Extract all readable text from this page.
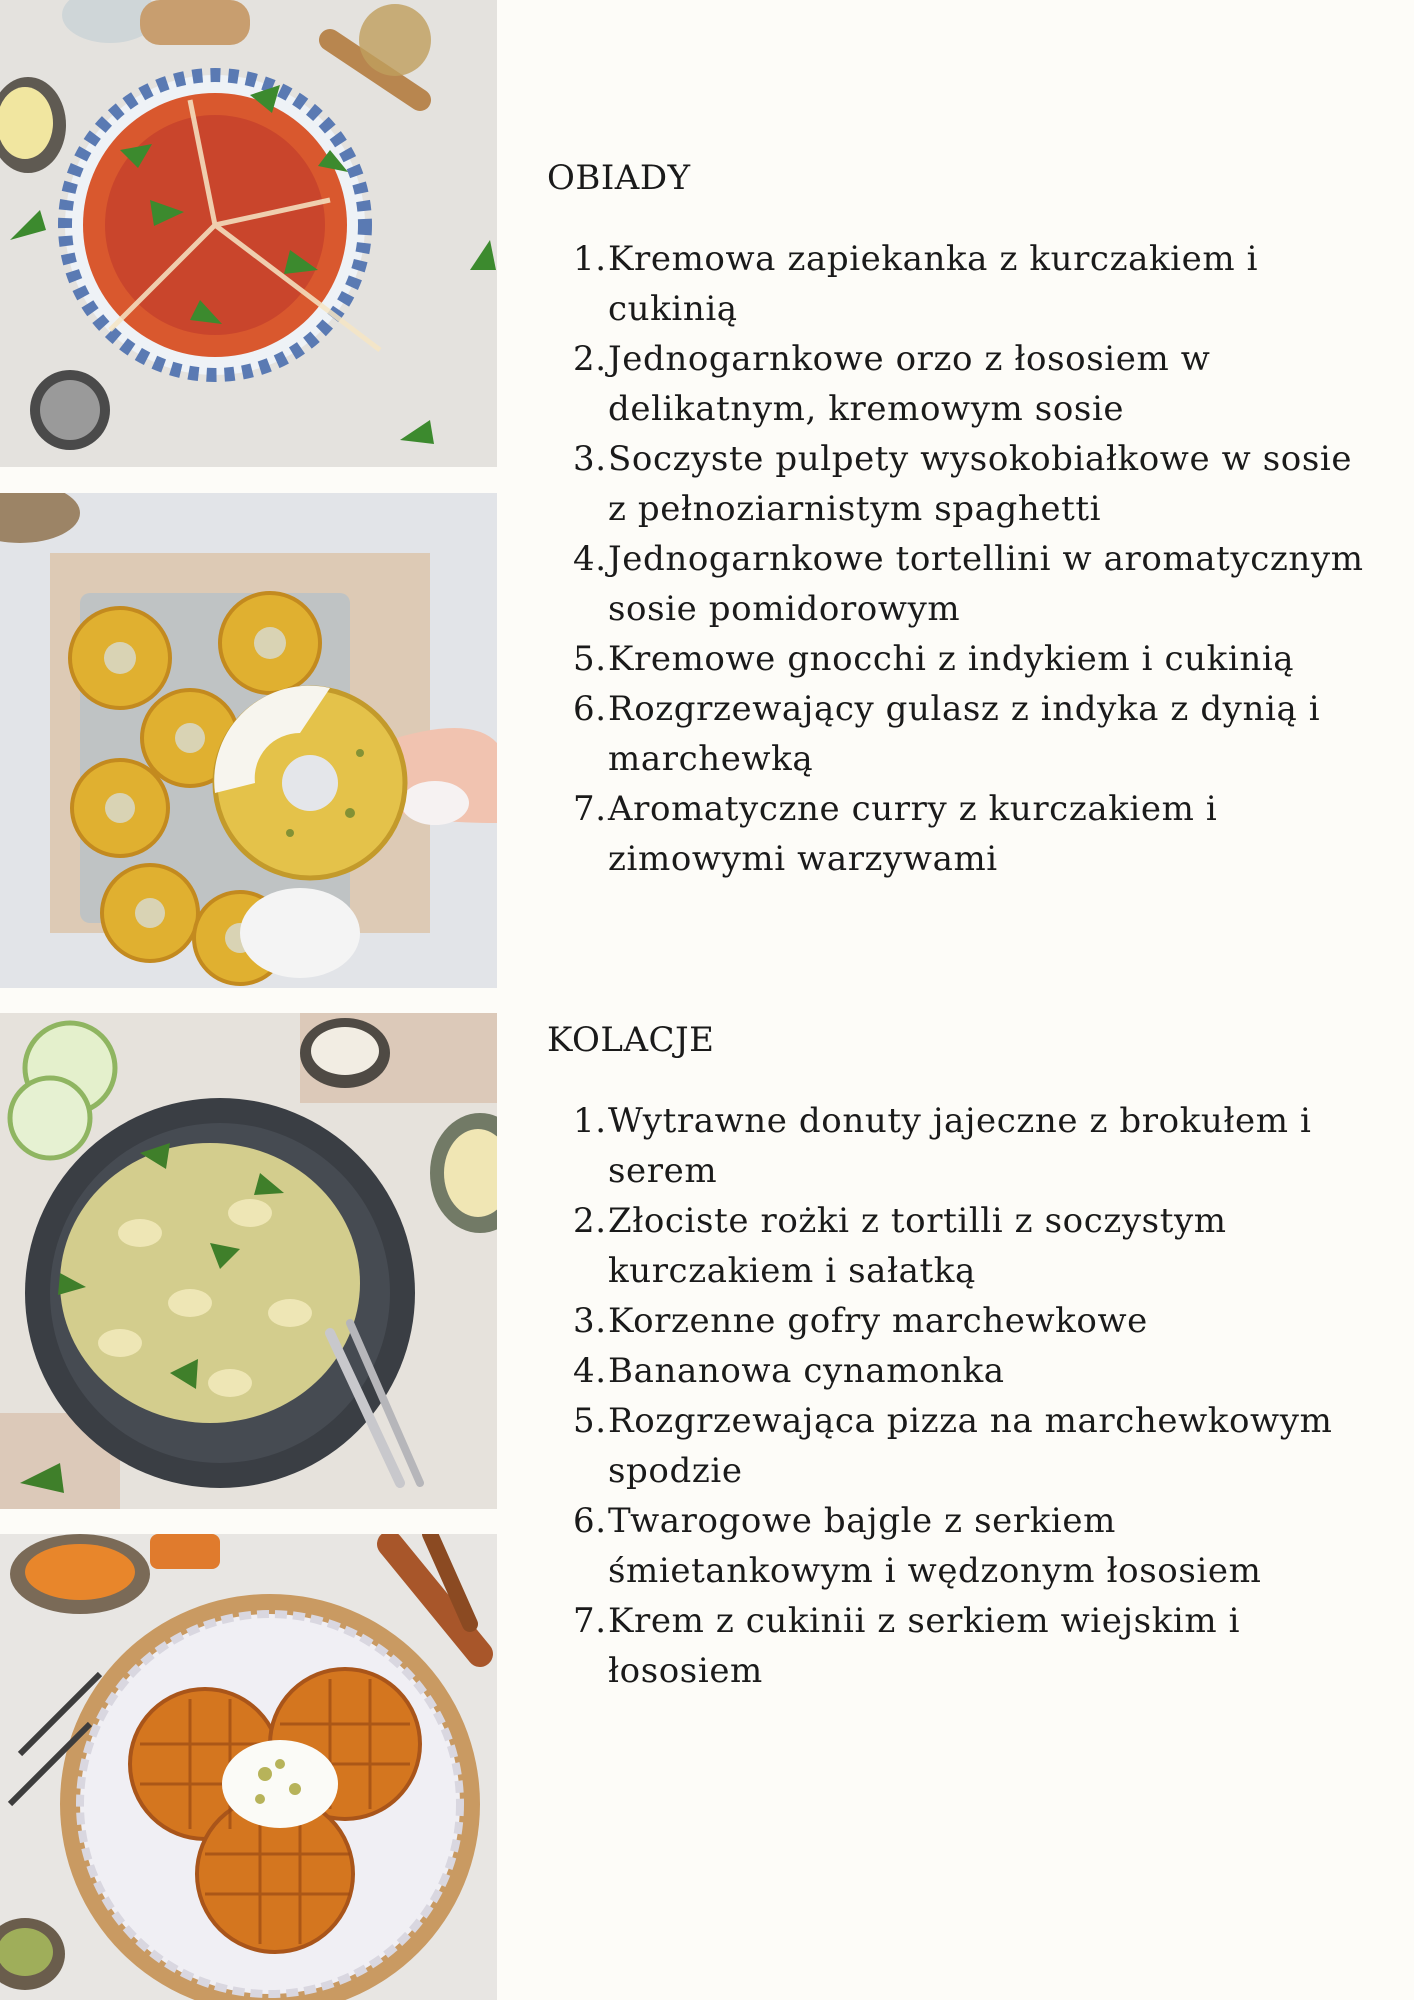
OBIADY
1. Kremowa zapiekanka z kurczakiem i cukinią
2. Jednogarnkowe orzo z łososiem w delikatnym, kremowym sosie
3. Soczyste pulpety wysokobiałkowe w sosie z pełnoziarnistym spaghetti
4. Jednogarnkowe tortellini w aromatycznym sosie pomidorowym
5. Kremowe gnocchi z indykiem i cukinią
6. Rozgrzewający gulasz z indyka z dynią i marchewką
7. Aromatyczne curry z kurczakiem i zimowymi warzywami
KOLACJE
1. Wytrawne donuty jajeczne z brokułem i serem
2. Złociste rożki z tortilli z soczystym kurczakiem i sałatką
3. Korzenne gofry marchewkowe
4. Bananowa cynamonka
5. Rozgrzewająca pizza na marchewkowym spodzie
6. Twarogowe bajgle z serkiem śmietankowym i wędzonym łososiem
7. Krem z cukinii z serkiem wiejskim i łososiem
